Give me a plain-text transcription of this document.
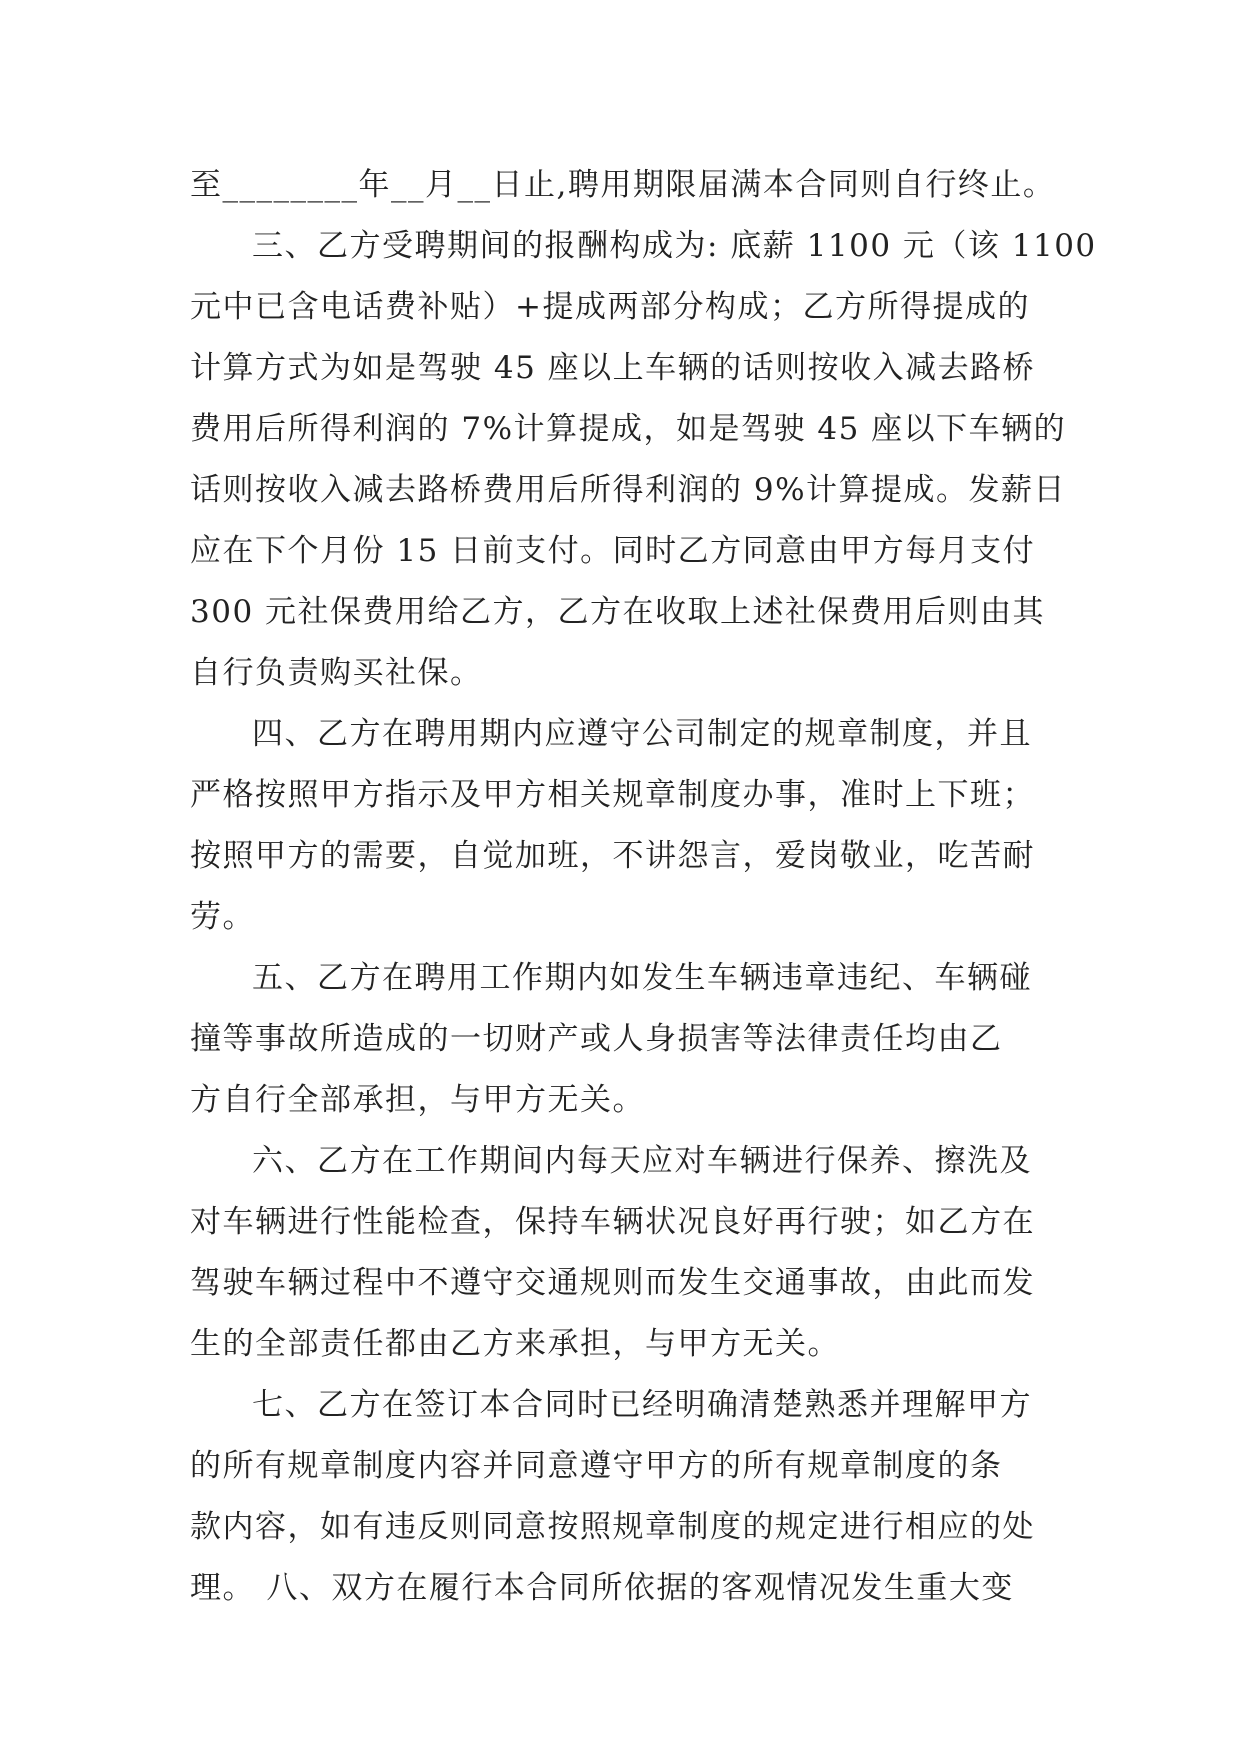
至________年__月__日止,聘用期限届满本合同则自行终止。
三、乙方受聘期间的报酬构成为: 底薪 1100 元（该 1100
元中已含电话费补贴）+提成两部分构成；乙方所得提成的
计算方式为如是驾驶 45 座以上车辆的话则按收入减去路桥
费用后所得利润的 7%计算提成，如是驾驶 45 座以下车辆的
话则按收入减去路桥费用后所得利润的 9%计算提成。发薪日
应在下个月份 15 日前支付。同时乙方同意由甲方每月支付
300 元社保费用给乙方，乙方在收取上述社保费用后则由其
自行负责购买社保。
四、乙方在聘用期内应遵守公司制定的规章制度，并且
严格按照甲方指示及甲方相关规章制度办事，准时上下班；
按照甲方的需要，自觉加班，不讲怨言，爱岗敬业，吃苦耐
劳。
五、乙方在聘用工作期内如发生车辆违章违纪、车辆碰
撞等事故所造成的一切财产或人身损害等法律责任均由乙
方自行全部承担，与甲方无关。
六、乙方在工作期间内每天应对车辆进行保养、擦洗及
对车辆进行性能检查，保持车辆状况良好再行驶；如乙方在
驾驶车辆过程中不遵守交通规则而发生交通事故，由此而发
生的全部责任都由乙方来承担，与甲方无关。
七、乙方在签订本合同时已经明确清楚熟悉并理解甲方
的所有规章制度内容并同意遵守甲方的所有规章制度的条
款内容，如有违反则同意按照规章制度的规定进行相应的处
理。 八、双方在履行本合同所依据的客观情况发生重大变
